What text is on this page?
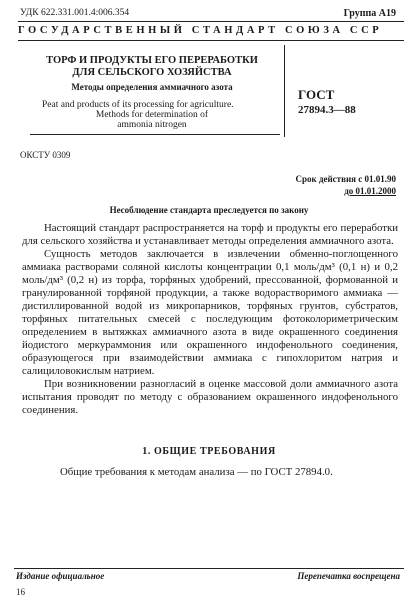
УДК 622.331.001.4:006.354	Группа А19
ГОСУДАРСТВЕННЫЙ СТАНДАРТ СОЮЗА ССР
ТОРФ И ПРОДУКТЫ ЕГО ПЕРЕРАБОТКИ
ДЛЯ СЕЛЬСКОГО ХОЗЯЙСТВА
Методы определения аммиачного азота
Peat and products of its processing for agriculture.
Methods for determination of
ammonia nitrogen
ГОСТ
27894.3—88
ОКСТУ 0309
Срок действия с 01.01.90
до 01.01.2000
Несоблюдение стандарта преследуется по закону

Настоящий стандарт распространяется на торф и продукты его переработки для сельского хозяйства и устанавливает методы определения аммиачного азота.

Сущность методов заключается в извлечении обменно-поглощенного аммиака растворами соляной кислоты концентрации 0,1 моль/дм³ (0,1 н) и 0,2 моль/дм³ (0,2 н) из торфа, торфяных удобрений, прессованной, формованной и гранулированной торфяной продукции, а также водорастворимого аммиака — дистиллированной водой из микропарников, торфяных грунтов, субстратов, торфяных питательных смесей с последующим фотоколориметрическим определением в вытяжках аммиачного азота в виде окрашенного соединения йодистого меркураммония или окрашенного индофенольного соединения, образующегося при взаимодействии аммиака с гипохлоритом натрия и салициловокислым натрием.

При возникновении разногласий в оценке массовой доли аммиачного азота испытания проводят по методу с образованием окрашенного индофенольного соединения.

1. ОБЩИЕ ТРЕБОВАНИЯ
Общие требования к методам анализа — по ГОСТ 27894.0.
Издание официальное	Перепечатка воспрещена
16
